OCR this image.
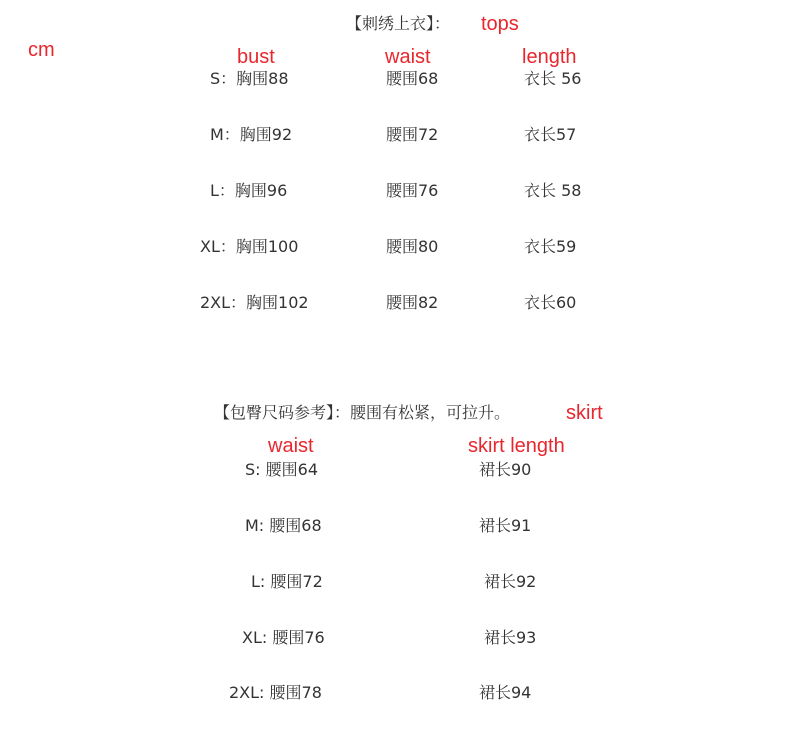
cm
tops
bust	waist	length
skirt
waist	skirt length
【刺绣上衣】：
S：胸围88	腰围68	衣长 56
M：胸围92	腰围72	衣长57
L：胸围96	腰围76	衣长 58
XL：胸围100	腰围80	衣长59
2XL：胸围102	腰围82	衣长60
【包臀尺码参考】：腰围有松紧，可拉升。
S: 腰围64	裙长90
M: 腰围68	裙长91
L: 腰围72	裙长92
XL: 腰围76	裙长93
2XL: 腰围78	裙长94
